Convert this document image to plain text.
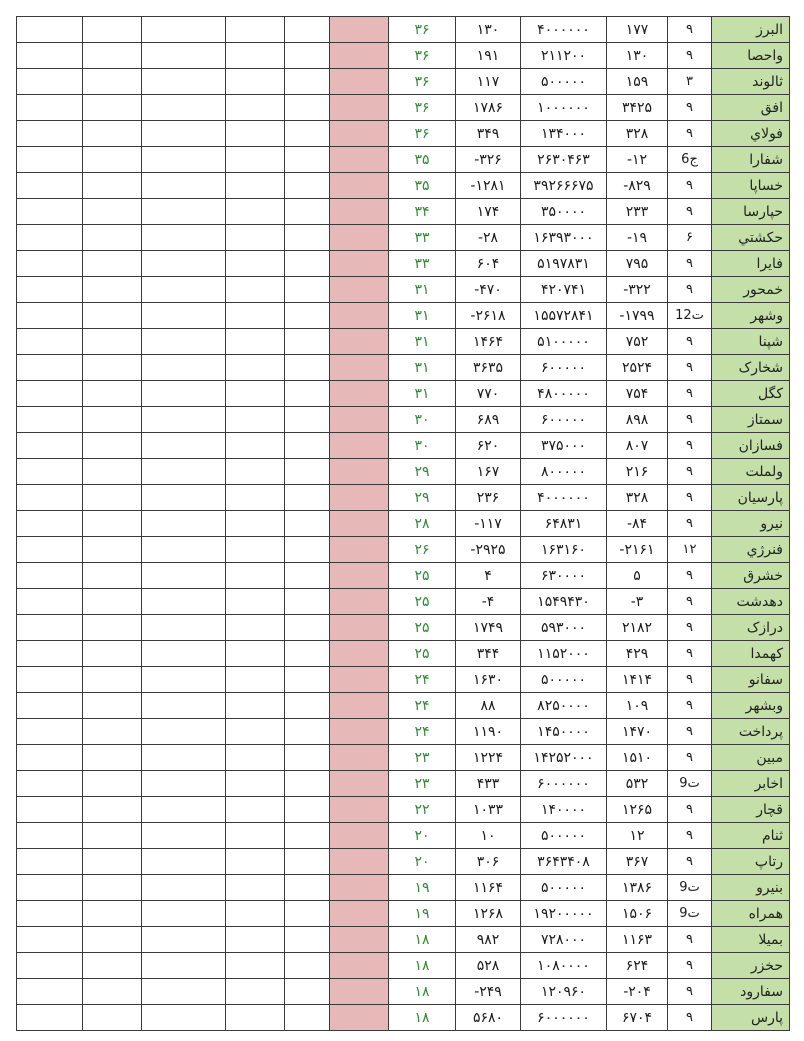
						۳۶	۱۳۰	۴۰۰۰۰۰۰	۱۷۷	۹	البرز
						۳۶	۱۹۱	۲۱۱۲۰۰	۱۳۰	۹	واحصا
						۳۶	۱۱۷	۵۰۰۰۰۰	۱۵۹	۳	ثالوند
						۳۶	۱۷۸۶	۱۰۰۰۰۰۰	۳۴۲۵	۹	افق
						۳۶	۳۴۹	۱۳۴۰۰۰	۳۲۸	۹	فولاي
						۳۵	-۳۲۶	۲۶۳۰۴۶۳	-۱۲	6ج	شفارا
						۳۵	-۱۲۸۱	۳۹۲۶۶۶۷۵	-۸۲۹	۹	خساپا
						۳۴	۱۷۴	۳۵۰۰۰۰	۲۳۳	۹	حپارسا
						۳۳	-۲۸	۱۶۳۹۳۰۰۰	-۱۹	۶	حكشتي
						۳۳	۶۰۴	۵۱۹۷۸۳۱	۷۹۵	۹	فايرا
						۳۱	-۴۷۰	۴۲۰۷۴۱	-۳۲۲	۹	خمحور
						۳۱	-۲۶۱۸	۱۵۵۷۲۸۴۱	-۱۷۹۹	12ت	وشهر
						۳۱	۱۴۶۴	۵۱۰۰۰۰۰	۷۵۲	۹	شپنا
						۳۱	۳۶۳۵	۶۰۰۰۰۰	۲۵۲۴	۹	شخارک
						۳۱	۷۷۰	۴۸۰۰۰۰۰	۷۵۴	۹	کگل
						۳۰	۶۸۹	۶۰۰۰۰۰	۸۹۸	۹	سمتاز
						۳۰	۶۲۰	۳۷۵۰۰۰	۸۰۷	۹	فسازان
						۲۹	۱۶۷	۸۰۰۰۰۰	۲۱۶	۹	ولملت
						۲۹	۲۳۶	۴۰۰۰۰۰۰	۳۲۸	۹	پارسیان
						۲۸	-۱۱۷	۶۴۸۳۱	-۸۴	۹	نيرو
						۲۶	-۲۹۲۵	۱۶۳۱۶۰	-۲۱۶۱	۱۲	فنرژي
						۲۵	۴	۶۳۰۰۰۰	۵	۹	خشرق
						۲۵	-۴	۱۵۴۹۴۳۰	-۳	۹	دهدشت
						۲۵	۱۷۴۹	۵۹۳۰۰۰	۲۱۸۲	۹	درازک
						۲۵	۳۴۴	۱۱۵۲۰۰۰	۴۲۹	۹	کهمدا
						۲۴	۱۶۳۰	۵۰۰۰۰۰	۱۴۱۴	۹	سفانو
						۲۴	۸۸	۸۲۵۰۰۰۰	۱۰۹	۹	وبشهر
						۲۴	۱۱۹۰	۱۴۵۰۰۰۰	۱۴۷۰	۹	پرداخت
						۲۳	۱۲۲۴	۱۴۲۵۲۰۰۰	۱۵۱۰	۹	مبين
						۲۳	۴۳۳	۶۰۰۰۰۰۰	۵۳۲	9ت	اخابر
						۲۲	۱۰۳۳	۱۴۰۰۰۰	۱۲۶۵	۹	قچار
						۲۰	۱۰	۵۰۰۰۰۰	۱۲	۹	ثنام
						۲۰	۳۰۶	۳۶۴۳۴۰۸	۳۶۷	۹	رتاپ
						۱۹	۱۱۶۴	۵۰۰۰۰۰	۱۳۸۶	9ت	بنيرو
						۱۹	۱۲۶۸	۱۹۲۰۰۰۰۰	۱۵۰۶	9ت	همراه
						۱۸	۹۸۲	۷۲۸۰۰۰	۱۱۶۳	۹	بميلا
						۱۸	۵۲۸	۱۰۸۰۰۰۰	۶۲۴	۹	حخزر
						۱۸	-۲۴۹	۱۲۰۹۶۰	-۲۰۴	۹	سفارود
						۱۸	۵۶۸۰	۶۰۰۰۰۰۰	۶۷۰۴	۹	پارس
